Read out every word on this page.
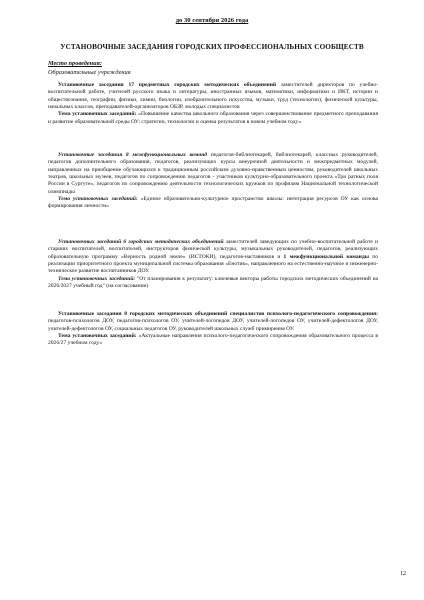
до 30 сентября 2026 года
УСТАНОВОЧНЫЕ ЗАСЕДАНИЯ ГОРОДСКИХ ПРОФЕССИОНАЛЬНЫХ СООБЩЕСТВ
Место проведения:
Образовательные учреждения

Установочные заседания 17 предметных городских методических объединений заместителей директоров по учебно-воспитательной работе, учителей русского языка и литературы, иностранных языков, математики, информатики и ИКТ, истории и обществознания, географии, физики, химии, биологии, изобразительного искусства, музыки, труд (технологии), физической культуры, начальных классов, преподавателей-организаторов ОБЗР, молодых специалистов

Тема установочных заседаний: «Повышение качества школьного образования через совершенствование предметного преподавания и развитие образовательной среды ОУ: стратегии, технологии и оценка результатов в новом учебном году»

Установочные заседания 8 межфункциональных команд педагогов-библиотекарей, библиотекарей, классных руководителей, педагогов дополнительного образования, педагогов, реализующих курсы внеурочной деятельности и межпредметных модулей, направленных на приобщение обучающихся к традиционным российским духовно-нравственным ценностям, руководителей школьных театров, школьных музеев, педагогов по сопровождению педагогов - участников культурно-образовательного проекта «Три ратных поля России в Сургуте», педагогов по сопровождению деятельности технологических кружков по профилям Национальной технологической олимпиады

Тема установочных заседаний: «Единое образовательно-культурное пространство школы: интеграция ресурсов ОУ как основа формирования личности»

Установочных заседаний 6 городских методических объединений заместителей заведующих по учебно-воспитательной работе и старших воспитателей, воспитателей, инструкторов физической культуры, музыкальных руководителей, педагогов, реализующих образовательную программу «Верность родной земле» (ИСТОКИ), педагогов-наставников и 1 межфункциональной команды по реализации приоритетного проекта муниципальной системы образования «Енотик», направленного на естественно-научное и инженерно-техническое развитие воспитанников ДОУ.

Тема установочных заседаний: "От планирования к результату: ключевые векторы работы городских методических объединений на 2026/2027 учебный год" (на согласовании)

Установочные заседания 8 городских методических объединений специалистов психолого-педагогического сопровождения: педагогов-психологов ДОУ, педагогов-психологов ОУ, учителей-логопедов ДОУ, учителей-логопедов ОУ, учителей-дефектологов ДОУ, учителей-дефектологов ОУ, социальных педагогов ОУ, руководителей школьных служб примирения ОУ.

Тема установочных заседаний: «Актуальные направления психолого-педагогического сопровождения образовательного процесса в 2026/27 учебном году»

12
